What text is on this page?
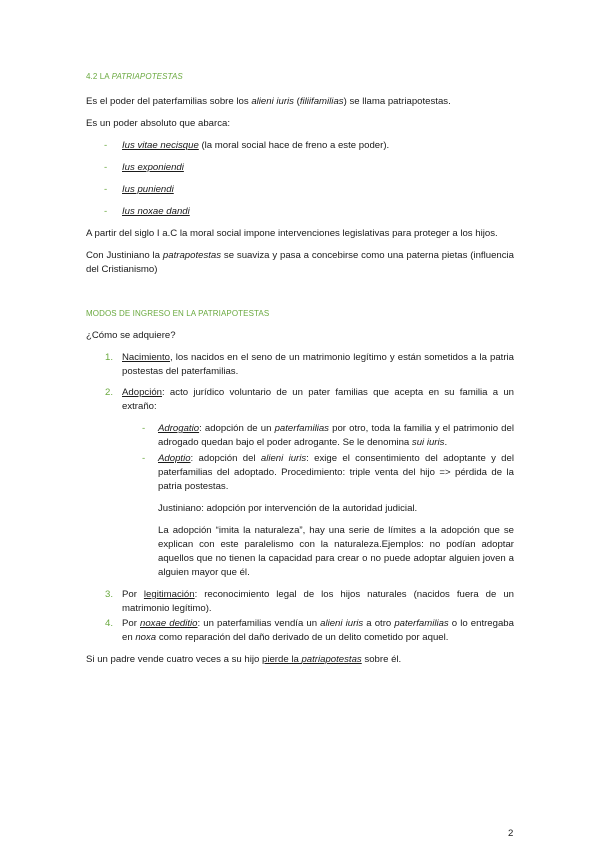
4.2 LA PATRIAPOTESTAS

Es el poder del paterfamilias sobre los alieni iuris (filiifamilias) se llama patriapotestas.

Es un poder absoluto que abarca:

- Ius vitae necisque (la moral social hace de freno a este poder).
- Ius exponiendi
- Ius puniendi
- Ius noxae dandi

A partir del siglo I a.C la moral social impone intervenciones legislativas para proteger a los hijos.

Con Justiniano la patrapotestas se suaviza y pasa a concebirse como una paterna pietas (influencia del Cristianismo)

MODOS DE INGRESO EN LA PATRIAPOTESTAS

¿Cómo se adquiere?

1. Nacimiento, los nacidos en el seno de un matrimonio legítimo y están sometidos a la patria postestas del paterfamilias.
2. Adopción: acto jurídico voluntario de un pater familias que acepta en su familia a un extraño:
- Adrogatio: adopción de un paterfamilias por otro, toda la familia y el patrimonio del adrogado quedan bajo el poder adrogante. Se le denomina sui iuris.
- Adoptio: adopción del alieni iuris: exige el consentimiento del adoptante y del paterfamilias del adoptado. Procedimiento: triple venta del hijo => pérdida de la patria postestas.

Justiniano: adopción por intervención de la autoridad judicial.

La adopción “imita la naturaleza”, hay una serie de límites a la adopción que se explican con este paralelismo con la naturaleza.Ejemplos: no podían adoptar aquellos que no tienen la capacidad para crear o no puede adoptar alguien joven a alguien mayor que él.

3. Por legitimación: reconocimiento legal de los hijos naturales (nacidos fuera de un matrimonio legítimo).
4. Por noxae deditio: un paterfamilias vendía un alieni iuris a otro paterfamilias o lo entregaba en noxa como reparación del daño derivado de un delito cometido por aquel.

Si un padre vende cuatro veces a su hijo pierde la patriapotestas sobre él.

2
